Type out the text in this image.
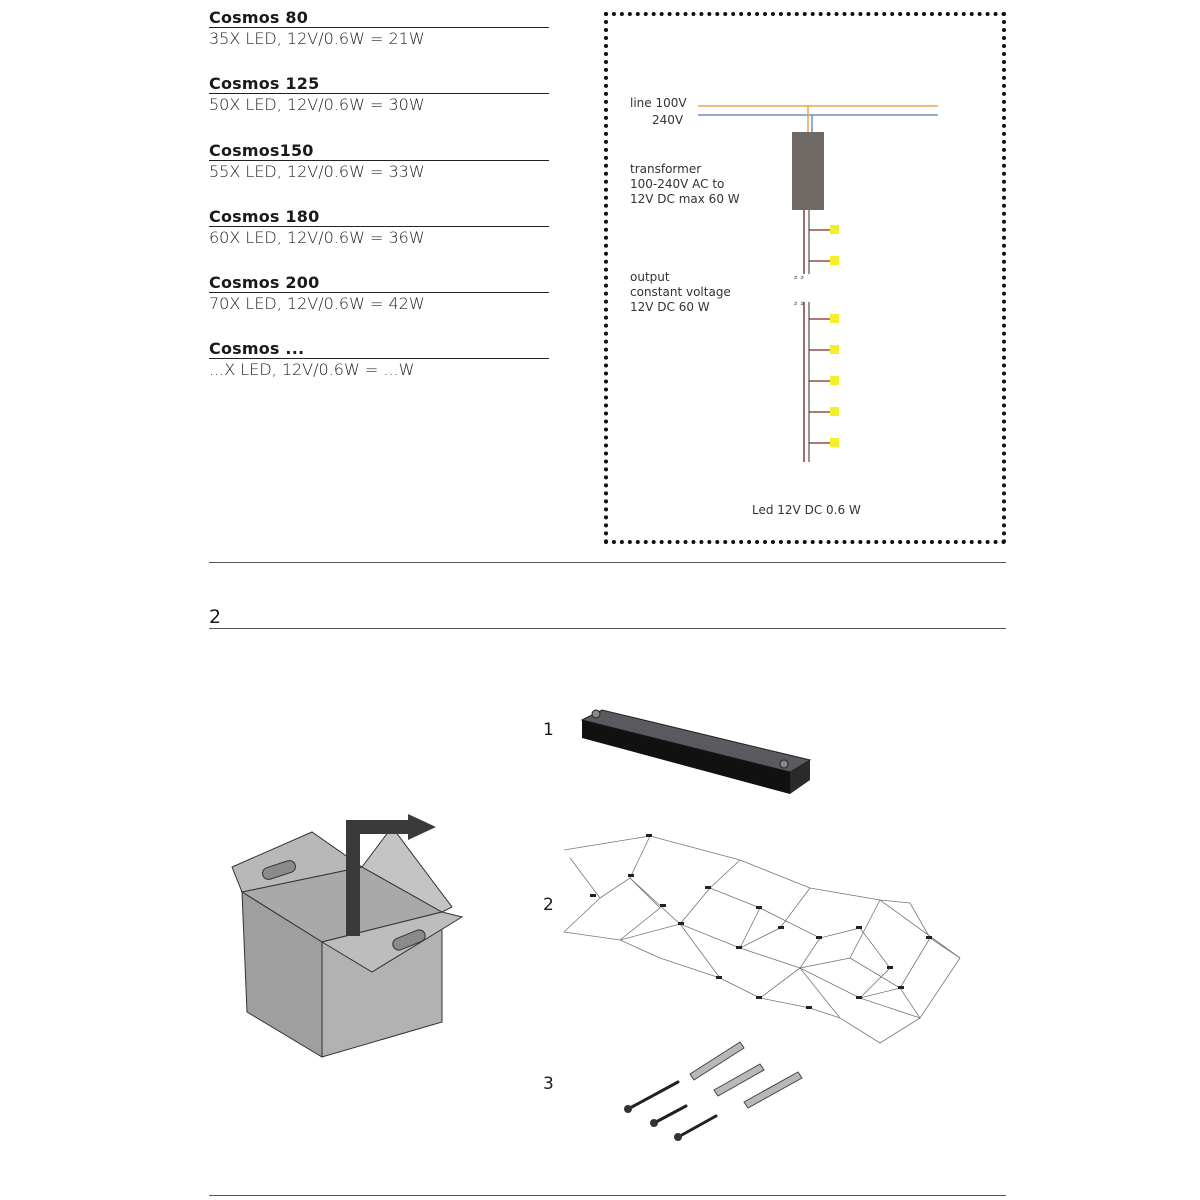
Cosmos 80
35X LED, 12V/0.6W = 21W
Cosmos 125
50X LED, 12V/0.6W = 30W
Cosmos150
55X LED, 12V/0.6W = 33W
Cosmos 180
60X LED, 12V/0.6W = 36W
Cosmos 200
70X LED, 12V/0.6W = 42W
Cosmos ...
...X LED, 12V/0.6W = ...W
⸗ ⸗
⸗ ⸗
line 100V
240V
transformer
100-240V AC to
12V DC max 60 W
output
constant voltage
12V DC 60 W
Led 12V DC 0.6 W
2
1
2
3
